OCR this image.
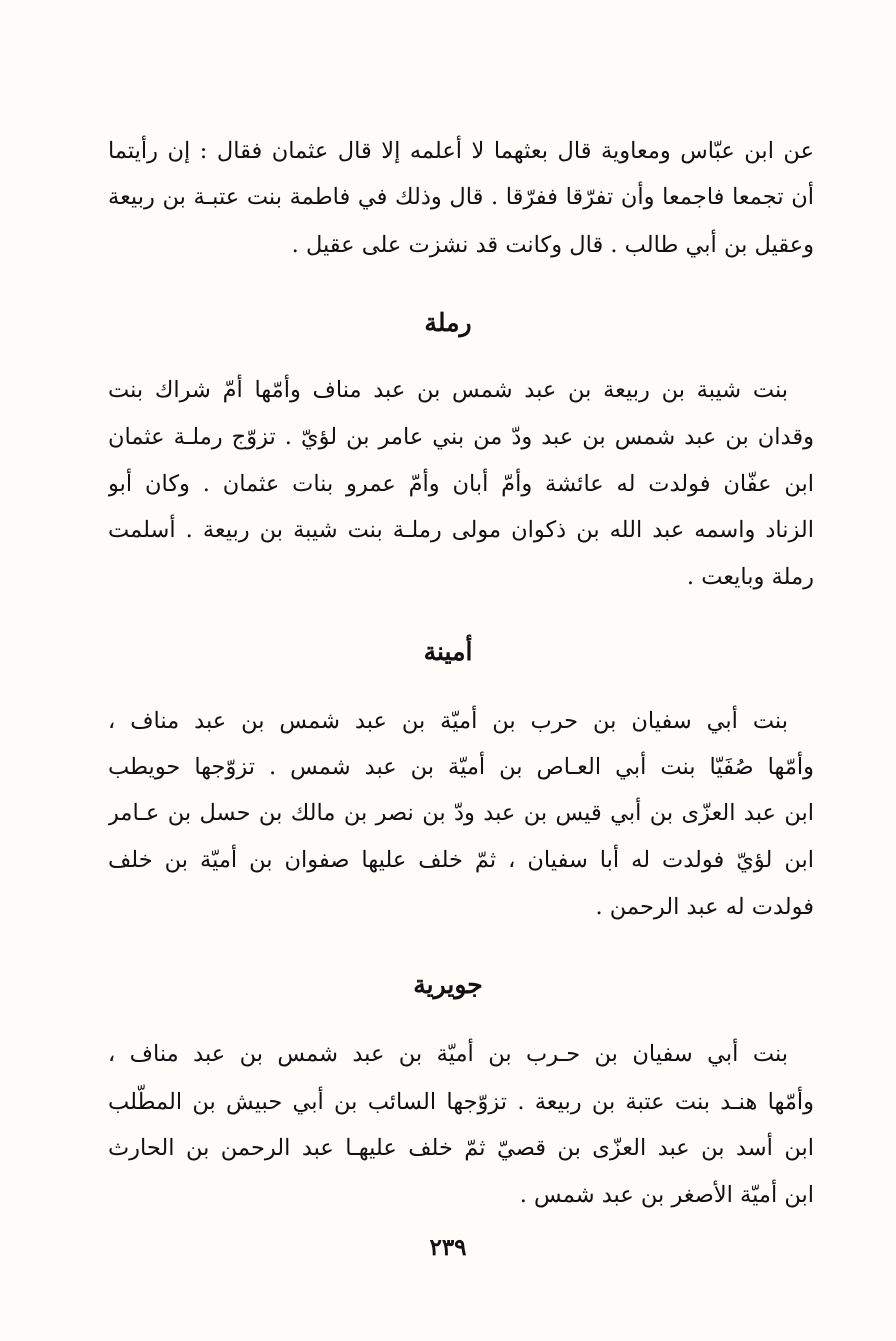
عن ابن عبّاس ومعاوية قال بعثهما لا أعلمه إلا قال عثمان فقال : إن رأيتما
أن تجمعا فاجمعا وأن تفرّقا ففرّقا . قال وذلك في فاطمة بنت عتبـة بن ربيعة
وعقيل بن أبي طالب . قال وكانت قد نشزت على عقيل .
بنت شيبة بن ربيعة بن عبد شمس بن عبد مناف وأمّها أمّ شراك بنت
وقدان بن عبد شمس بن عبد ودّ من بني عامر بن لؤيّ . تزوّج رملـة عثمان
ابن عفّان فولدت له عائشة وأمّ أبان وأمّ عمرو بنات عثمان . وكان أبو
الزناد واسمه عبد الله بن ذكوان مولى رملـة بنت شيبة بن ربيعة . أسلمت
رملة وبايعت .
بنت أبي سفيان بن حرب بن أميّة بن عبد شمس بن عبد مناف ،
وأمّها صُفَيّا بنت أبي العـاص بن أميّة بن عبد شمس . تزوّجها حويطب
ابن عبد العزّى بن أبي قيس بن عبد ودّ بن نصر بن مالك بن حسل بن عـامر
ابن لؤيّ فولدت له أبا سفيان ، ثمّ خلف عليها صفوان بن أميّة بن خلف
فولدت له عبد الرحمن .
بنت أبي سفيان بن حـرب بن أميّة بن عبد شمس بن عبد مناف ،
وأمّها هنـد بنت عتبة بن ربيعة . تزوّجها السائب بن أبي حبيش بن المطّلب
ابن أسد بن عبد العزّى بن قصيّ ثمّ خلف عليهـا عبد الرحمن بن الحارث
ابن أميّة الأصغر بن عبد شمس .
رملة
أمينة
جويرية
٢٣٩
